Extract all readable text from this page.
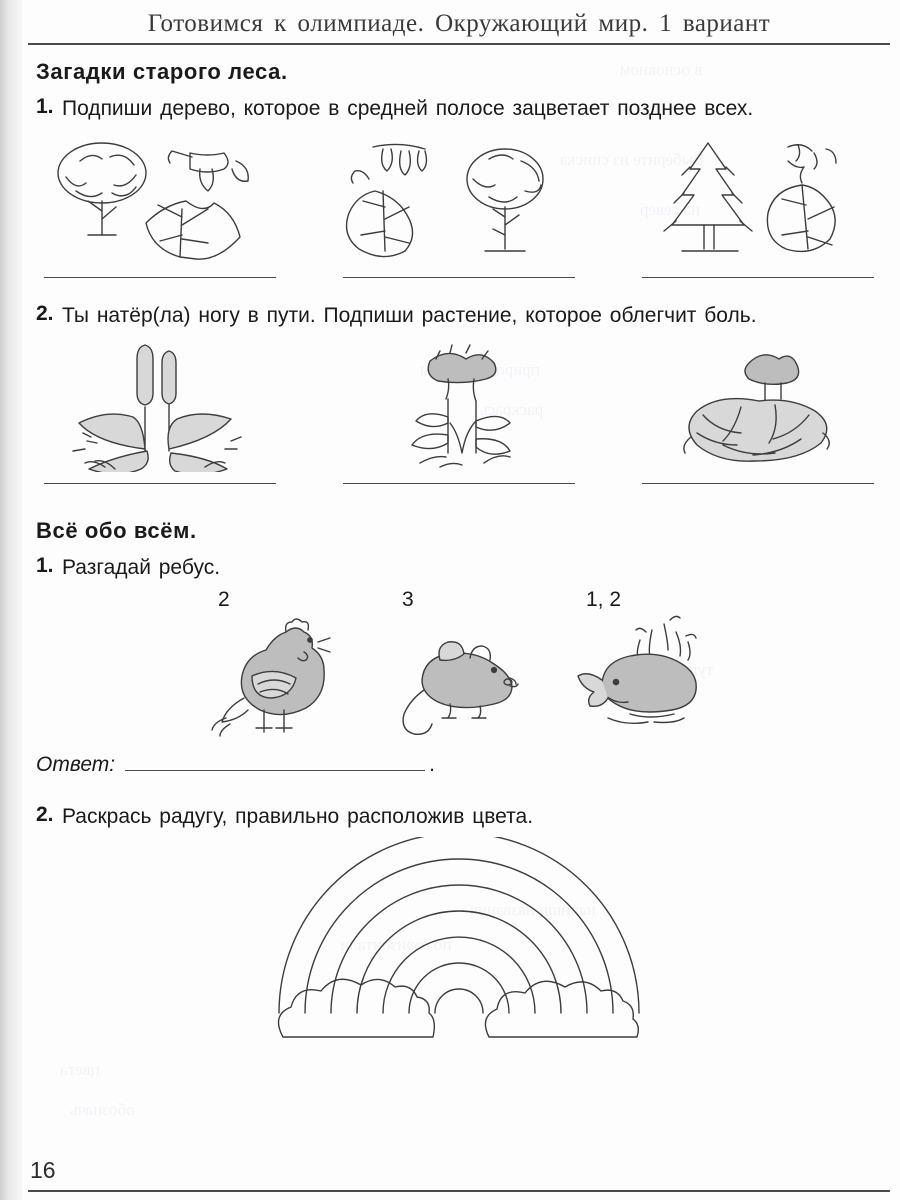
в основном
Выберите из списка
на север
природные
раскрась
напиши названия
по горизонтали
цвета
обозначь
Готовимся к олимпиаде. Окружающий мир. 1 вариант
Загадки старого леса.
1. Подпиши дерево, которое в средней полосе зацветает позднее всех.
2. Ты натёр(ла) ногу в пути. Подпиши растение, которое облегчит боль.
Всё обо всём.
1. Разгадай ребус.
2	3	1, 2
Ответ:	.
2. Раскрась радугу, правильно расположив цвета.
16
